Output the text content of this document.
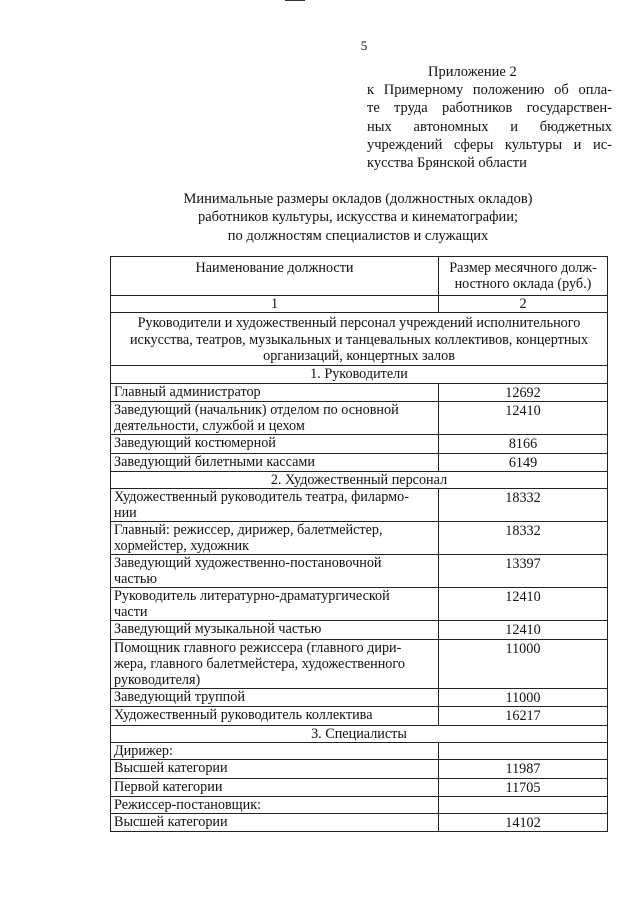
5
Приложение 2
к Примерному положению об опла-
те труда работников государствен-
ных автономных и бюджетных
учреждений сферы культуры и ис-
кусства Брянской области
Минимальные размеры окладов (должностных окладов)
работников культуры, искусства и кинематографии;
по должностям специалистов и служащих
Наименование должности	Размер месячного долж-
ностного оклада (руб.)

1	2

Руководители и художественный персонал учреждений исполнительного
искусства, театров, музыкальных и танцевальных коллективов, концертных
организаций, концертных залов	

1. Руководители	

Главный администратор	12692

Заведующий (начальник) отделом по основной
деятельности, службой и цехом	12410

Заведующий костюмерной	8166

Заведующий билетными кассами	6149
2. Художественный персонал	

Художественный руководитель театра, филармо-
нии	18332

Главный: режиссер, дирижер, балетмейстер,
хормейстер, художник	18332

Заведующий художественно-постановочной
частью	13397

Руководитель литературно-драматургической
части	12410

Заведующий музыкальной частью	12410

Помощник главного режиссера (главного дири-
жера, главного балетмейстера, художественного
руководителя)	11000

Заведующий труппой	11000

Художественный руководитель коллектива	16217
3. Специалисты	

Дирижер:	

Высшей категории	11987

Первой категории	11705

Режиссер-постановщик:	

Высшей категории	14102
